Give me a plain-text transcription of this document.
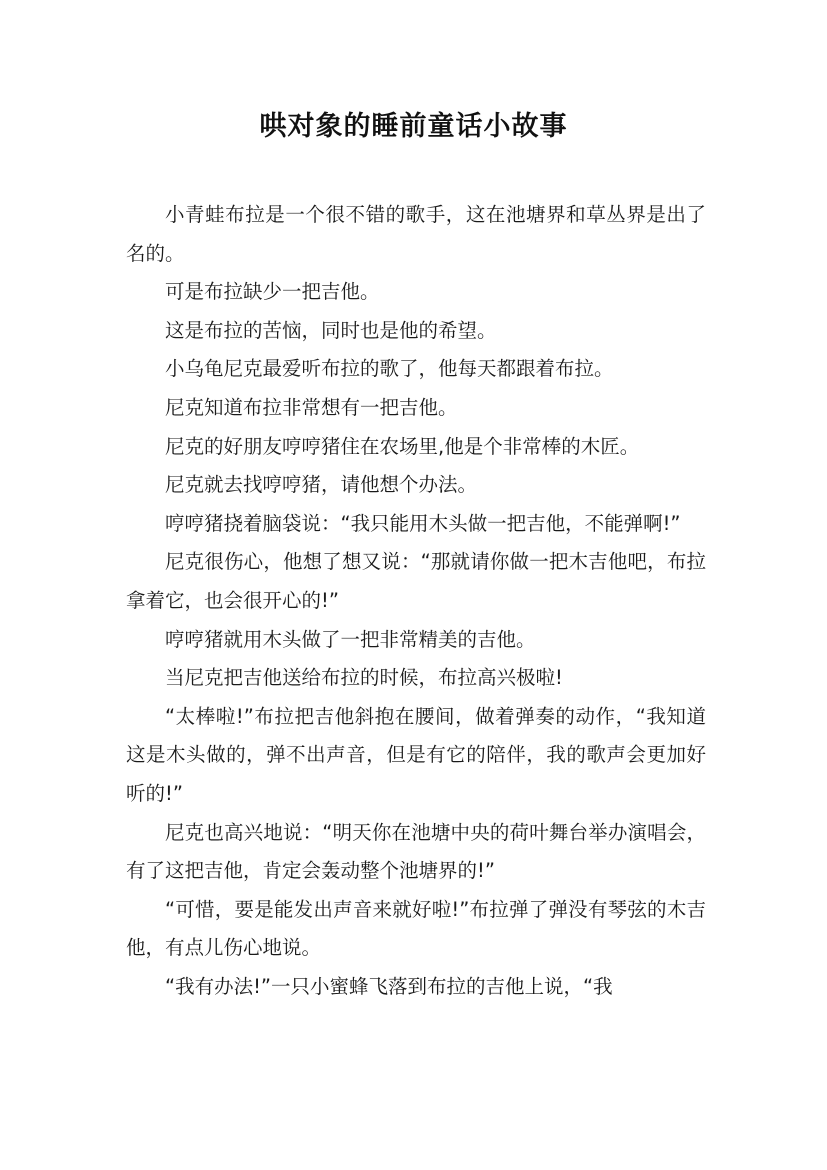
哄对象的睡前童话小故事

小青蛙布拉是一个很不错的歌手，这在池塘界和草丛界是出了名的。

可是布拉缺少一把吉他。

这是布拉的苦恼，同时也是他的希望。

小乌龟尼克最爱听布拉的歌了，他每天都跟着布拉。

尼克知道布拉非常想有一把吉他。

尼克的好朋友哼哼猪住在农场里,他是个非常棒的木匠。

尼克就去找哼哼猪，请他想个办法。

哼哼猪挠着脑袋说：“我只能用木头做一把吉他，不能弹啊!”

尼克很伤心，他想了想又说：“那就请你做一把木吉他吧，布拉拿着它，也会很开心的!”

哼哼猪就用木头做了一把非常精美的吉他。

当尼克把吉他送给布拉的时候，布拉高兴极啦!

“太棒啦!”布拉把吉他斜抱在腰间，做着弹奏的动作，“我知道这是木头做的，弹不出声音，但是有它的陪伴，我的歌声会更加好听的!”

尼克也高兴地说：“明天你在池塘中央的荷叶舞台举办演唱会，有了这把吉他，肯定会轰动整个池塘界的!”

“可惜，要是能发出声音来就好啦!”布拉弹了弹没有琴弦的木吉他，有点儿伤心地说。

“我有办法!”一只小蜜蜂飞落到布拉的吉他上说，“我
